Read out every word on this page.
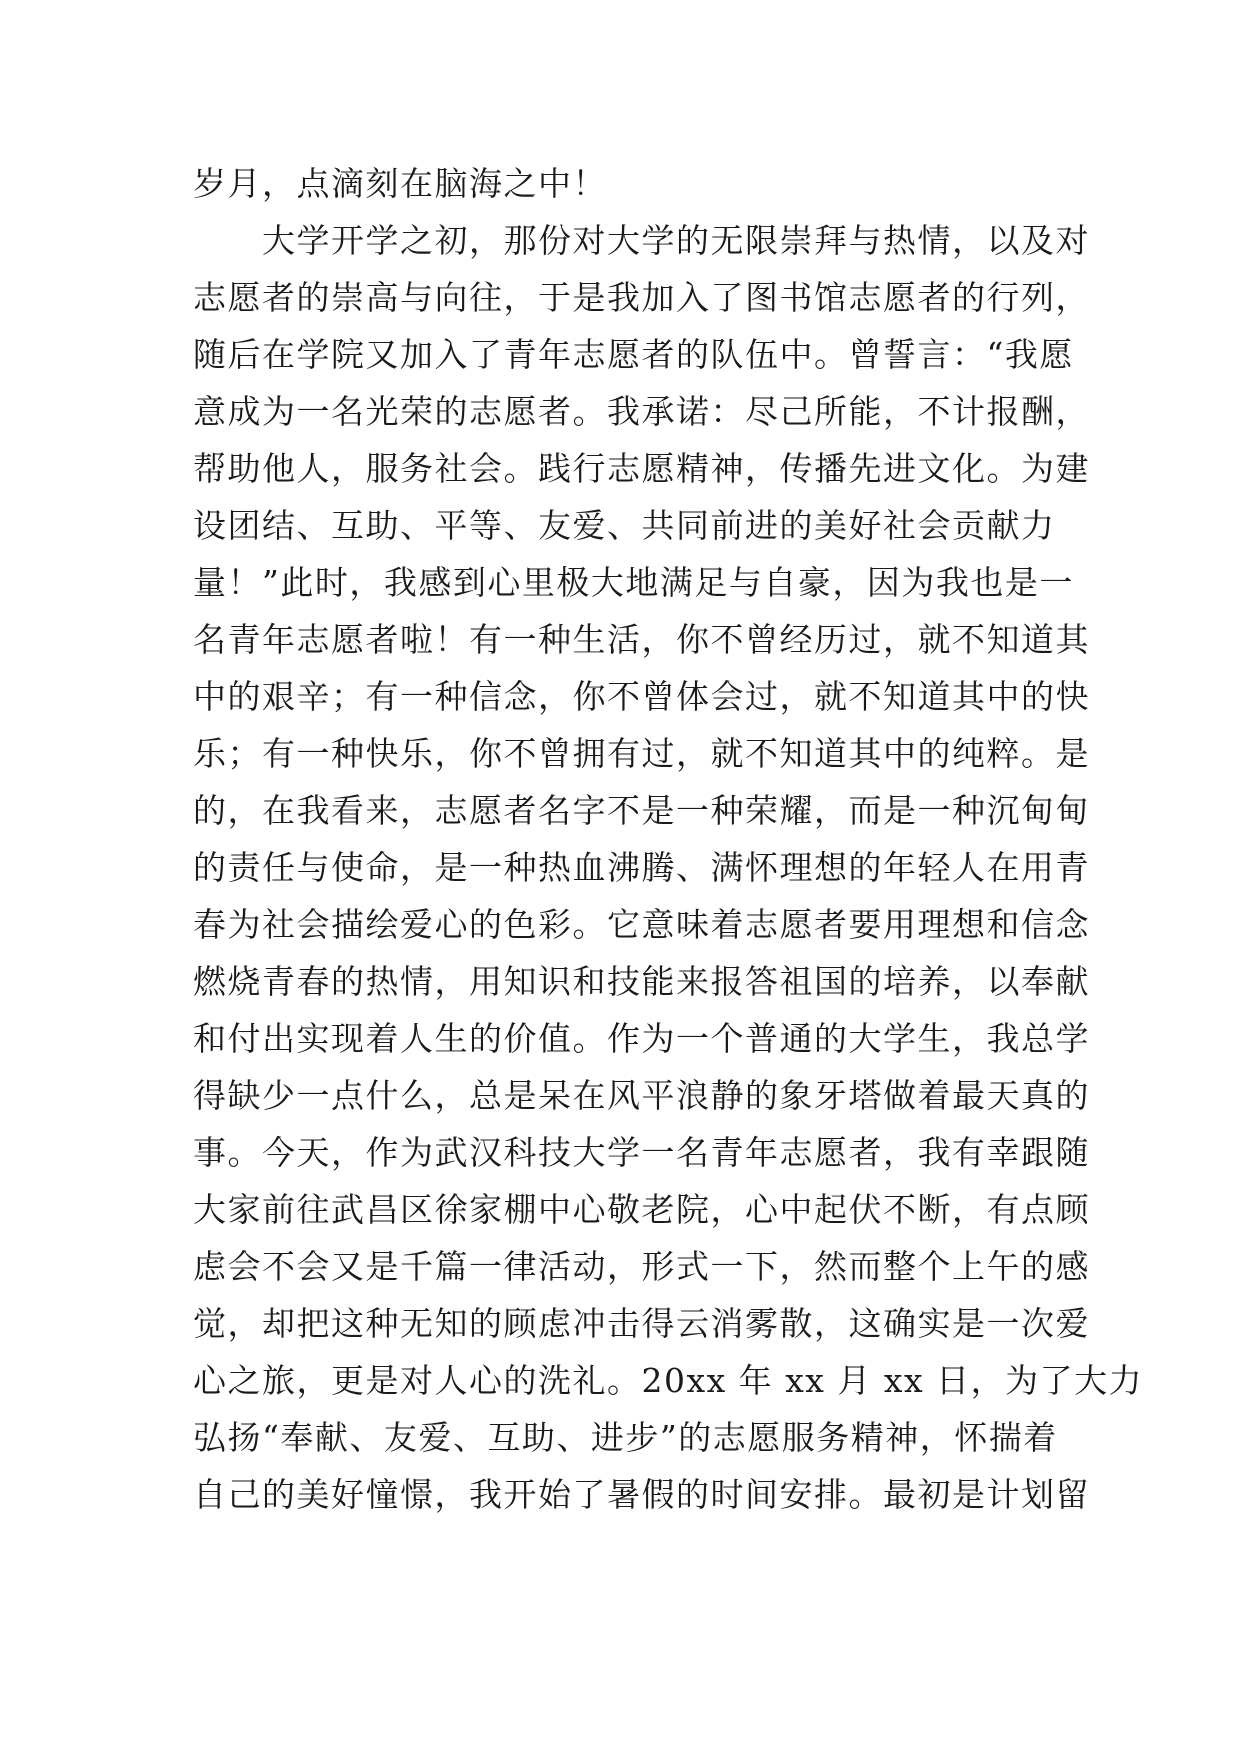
岁月，点滴刻在脑海之中！
　　大学开学之初，那份对大学的无限崇拜与热情，以及对
志愿者的崇高与向往，于是我加入了图书馆志愿者的行列，
随后在学院又加入了青年志愿者的队伍中。曾誓言：“我愿
意成为一名光荣的志愿者。我承诺：尽己所能，不计报酬，
帮助他人，服务社会。践行志愿精神，传播先进文化。为建
设团结、互助、平等、友爱、共同前进的美好社会贡献力
量！”此时，我感到心里极大地满足与自豪，因为我也是一
名青年志愿者啦！有一种生活，你不曾经历过，就不知道其
中的艰辛；有一种信念，你不曾体会过，就不知道其中的快
乐；有一种快乐，你不曾拥有过，就不知道其中的纯粹。是
的，在我看来，志愿者名字不是一种荣耀，而是一种沉甸甸
的责任与使命，是一种热血沸腾、满怀理想的年轻人在用青
春为社会描绘爱心的色彩。它意味着志愿者要用理想和信念
燃烧青春的热情，用知识和技能来报答祖国的培养，以奉献
和付出实现着人生的价值。作为一个普通的大学生，我总学
得缺少一点什么，总是呆在风平浪静的象牙塔做着最天真的
事。今天，作为武汉科技大学一名青年志愿者，我有幸跟随
大家前往武昌区徐家棚中心敬老院，心中起伏不断，有点顾
虑会不会又是千篇一律活动，形式一下，然而整个上午的感
觉，却把这种无知的顾虑冲击得云消雾散，这确实是一次爱
心之旅，更是对人心的洗礼。20xx 年 xx 月 xx 日，为了大力
弘扬“奉献、友爱、互助、进步”的志愿服务精神，怀揣着
自己的美好憧憬，我开始了暑假的时间安排。最初是计划留
